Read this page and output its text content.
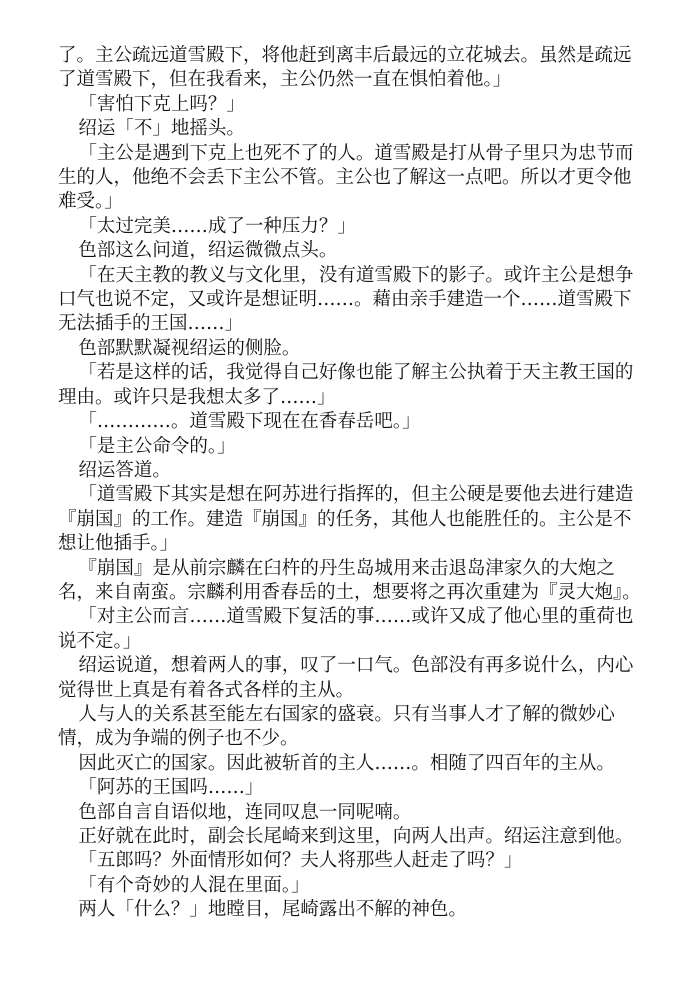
了。主公疏远道雪殿下，将他赶到离丰后最远的立花城去。虽然是疏远了道雪殿下，但在我看来，主公仍然一直在惧怕着他。」

「害怕下克上吗？」

绍运「不」地摇头。

「主公是遇到下克上也死不了的人。道雪殿是打从骨子里只为忠节而生的人，他绝不会丢下主公不管。主公也了解这一点吧。所以才更令他难受。」

「太过完美……成了一种压力？」

色部这么问道，绍运微微点头。

「在天主教的教义与文化里，没有道雪殿下的影子。或许主公是想争口气也说不定，又或许是想证明……。藉由亲手建造一个……道雪殿下无法插手的王国……」

色部默默凝视绍运的侧脸。

「若是这样的话，我觉得自己好像也能了解主公执着于天主教王国的理由。或许只是我想太多了……」

「…………。道雪殿下现在在香春岳吧。」

「是主公命令的。」

绍运答道。

「道雪殿下其实是想在阿苏进行指挥的，但主公硬是要他去进行建造『崩国』的工作。建造『崩国』的任务，其他人也能胜任的。主公是不想让他插手。」

『崩国』是从前宗麟在臼杵的丹生岛城用来击退岛津家久的大炮之名，来自南蛮。宗麟利用香春岳的土，想要将之再次重建为『灵大炮』。

「对主公而言……道雪殿下复活的事……或许又成了他心里的重荷也说不定。」

绍运说道，想着两人的事，叹了一口气。色部没有再多说什么，内心觉得世上真是有着各式各样的主从。

人与人的关系甚至能左右国家的盛衰。只有当事人才了解的微妙心情，成为争端的例子也不少。

因此灭亡的国家。因此被斩首的主人……。相随了四百年的主从。

「阿苏的王国吗……」

色部自言自语似地，连同叹息一同呢喃。

正好就在此时，副会长尾崎来到这里，向两人出声。绍运注意到他。

「五郎吗？外面情形如何？夫人将那些人赶走了吗？」

「有个奇妙的人混在里面。」

两人「什么？」地瞠目，尾崎露出不解的神色。
